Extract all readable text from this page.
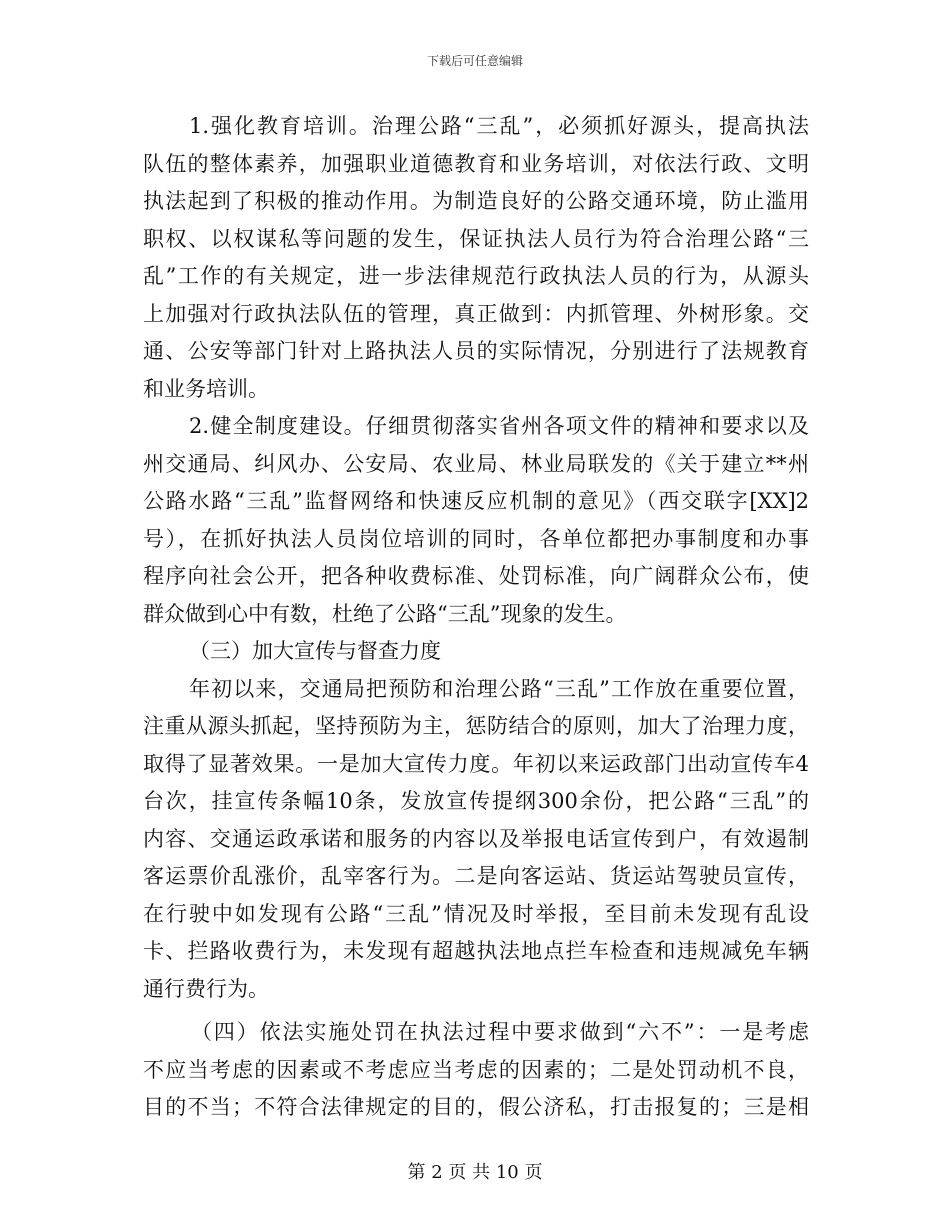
下载后可任意编辑
1.强化教育培训。治理公路“三乱”，必须抓好源头，提高执法
队伍的整体素养，加强职业道德教育和业务培训，对依法行政、文明
执法起到了积极的推动作用。为制造良好的公路交通环境，防止滥用
职权、以权谋私等问题的发生，保证执法人员行为符合治理公路“三
乱”工作的有关规定，进一步法律规范行政执法人员的行为，从源头
上加强对行政执法队伍的管理，真正做到：内抓管理、外树形象。交
通、公安等部门针对上路执法人员的实际情况，分别进行了法规教育
和业务培训。
2.健全制度建设。仔细贯彻落实省州各项文件的精神和要求以及
州交通局、纠风办、公安局、农业局、林业局联发的《关于建立**州
公路水路“三乱”监督网络和快速反应机制的意见》（西交联字[XX]2
号），在抓好执法人员岗位培训的同时，各单位都把办事制度和办事
程序向社会公开，把各种收费标准、处罚标准，向广阔群众公布，使
群众做到心中有数，杜绝了公路“三乱”现象的发生。
（三）加大宣传与督查力度
年初以来，交通局把预防和治理公路“三乱”工作放在重要位置，
注重从源头抓起，坚持预防为主，惩防结合的原则，加大了治理力度，
取得了显著效果。一是加大宣传力度。年初以来运政部门出动宣传车4
台次，挂宣传条幅10条，发放宣传提纲300余份，把公路“三乱”的
内容、交通运政承诺和服务的内容以及举报电话宣传到户，有效遏制
客运票价乱涨价，乱宰客行为。二是向客运站、货运站驾驶员宣传，
在行驶中如发现有公路“三乱”情况及时举报，至目前未发现有乱设
卡、拦路收费行为，未发现有超越执法地点拦车检查和违规减免车辆
通行费行为。
（四）依法实施处罚在执法过程中要求做到“六不”：一是考虑
不应当考虑的因素或不考虑应当考虑的因素的；二是处罚动机不良，
目的不当；不符合法律规定的目的，假公济私，打击报复的；三是相
第 2 页 共 10 页
